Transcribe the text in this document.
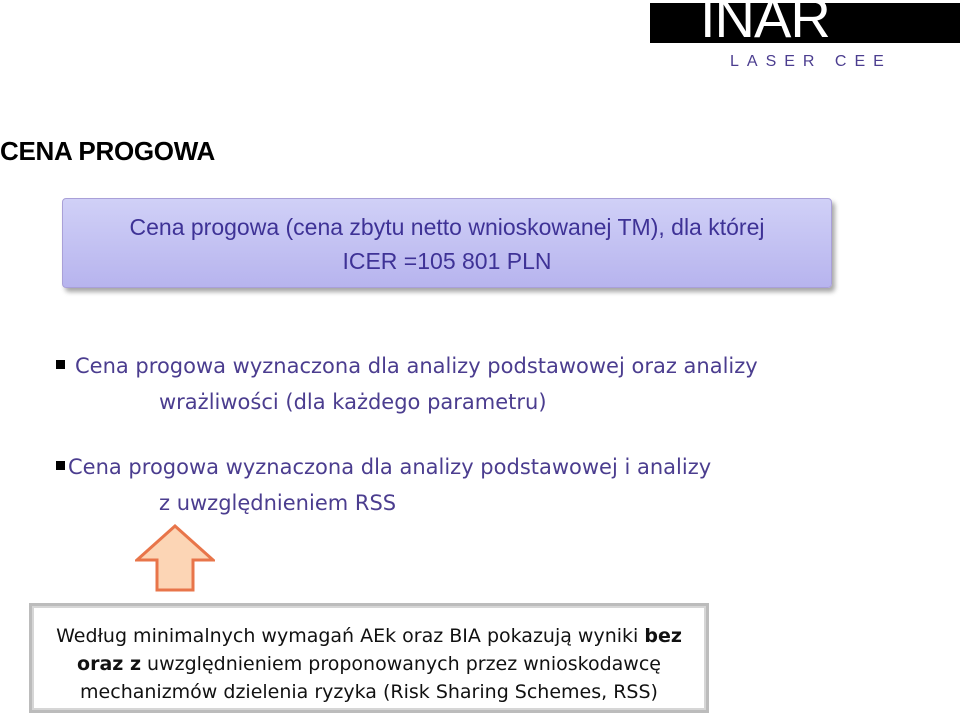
INAR
LASER CEE
CENA PROGOWA
Cena progowa (cena zbytu netto wnioskowanej TM), dla której
ICER =105 801 PLN
Cena progowa wyznaczona dla analizy podstawowej oraz analizy
wrażliwości (dla każdego parametru)
Cena progowa wyznaczona dla analizy podstawowej i analizy
z uwzględnieniem RSS
Według minimalnych wymagań AEk oraz BIA pokazują wyniki bez
oraz z uwzględnieniem proponowanych przez wnioskodawcę
mechanizmów dzielenia ryzyka (Risk Sharing Schemes, RSS)
